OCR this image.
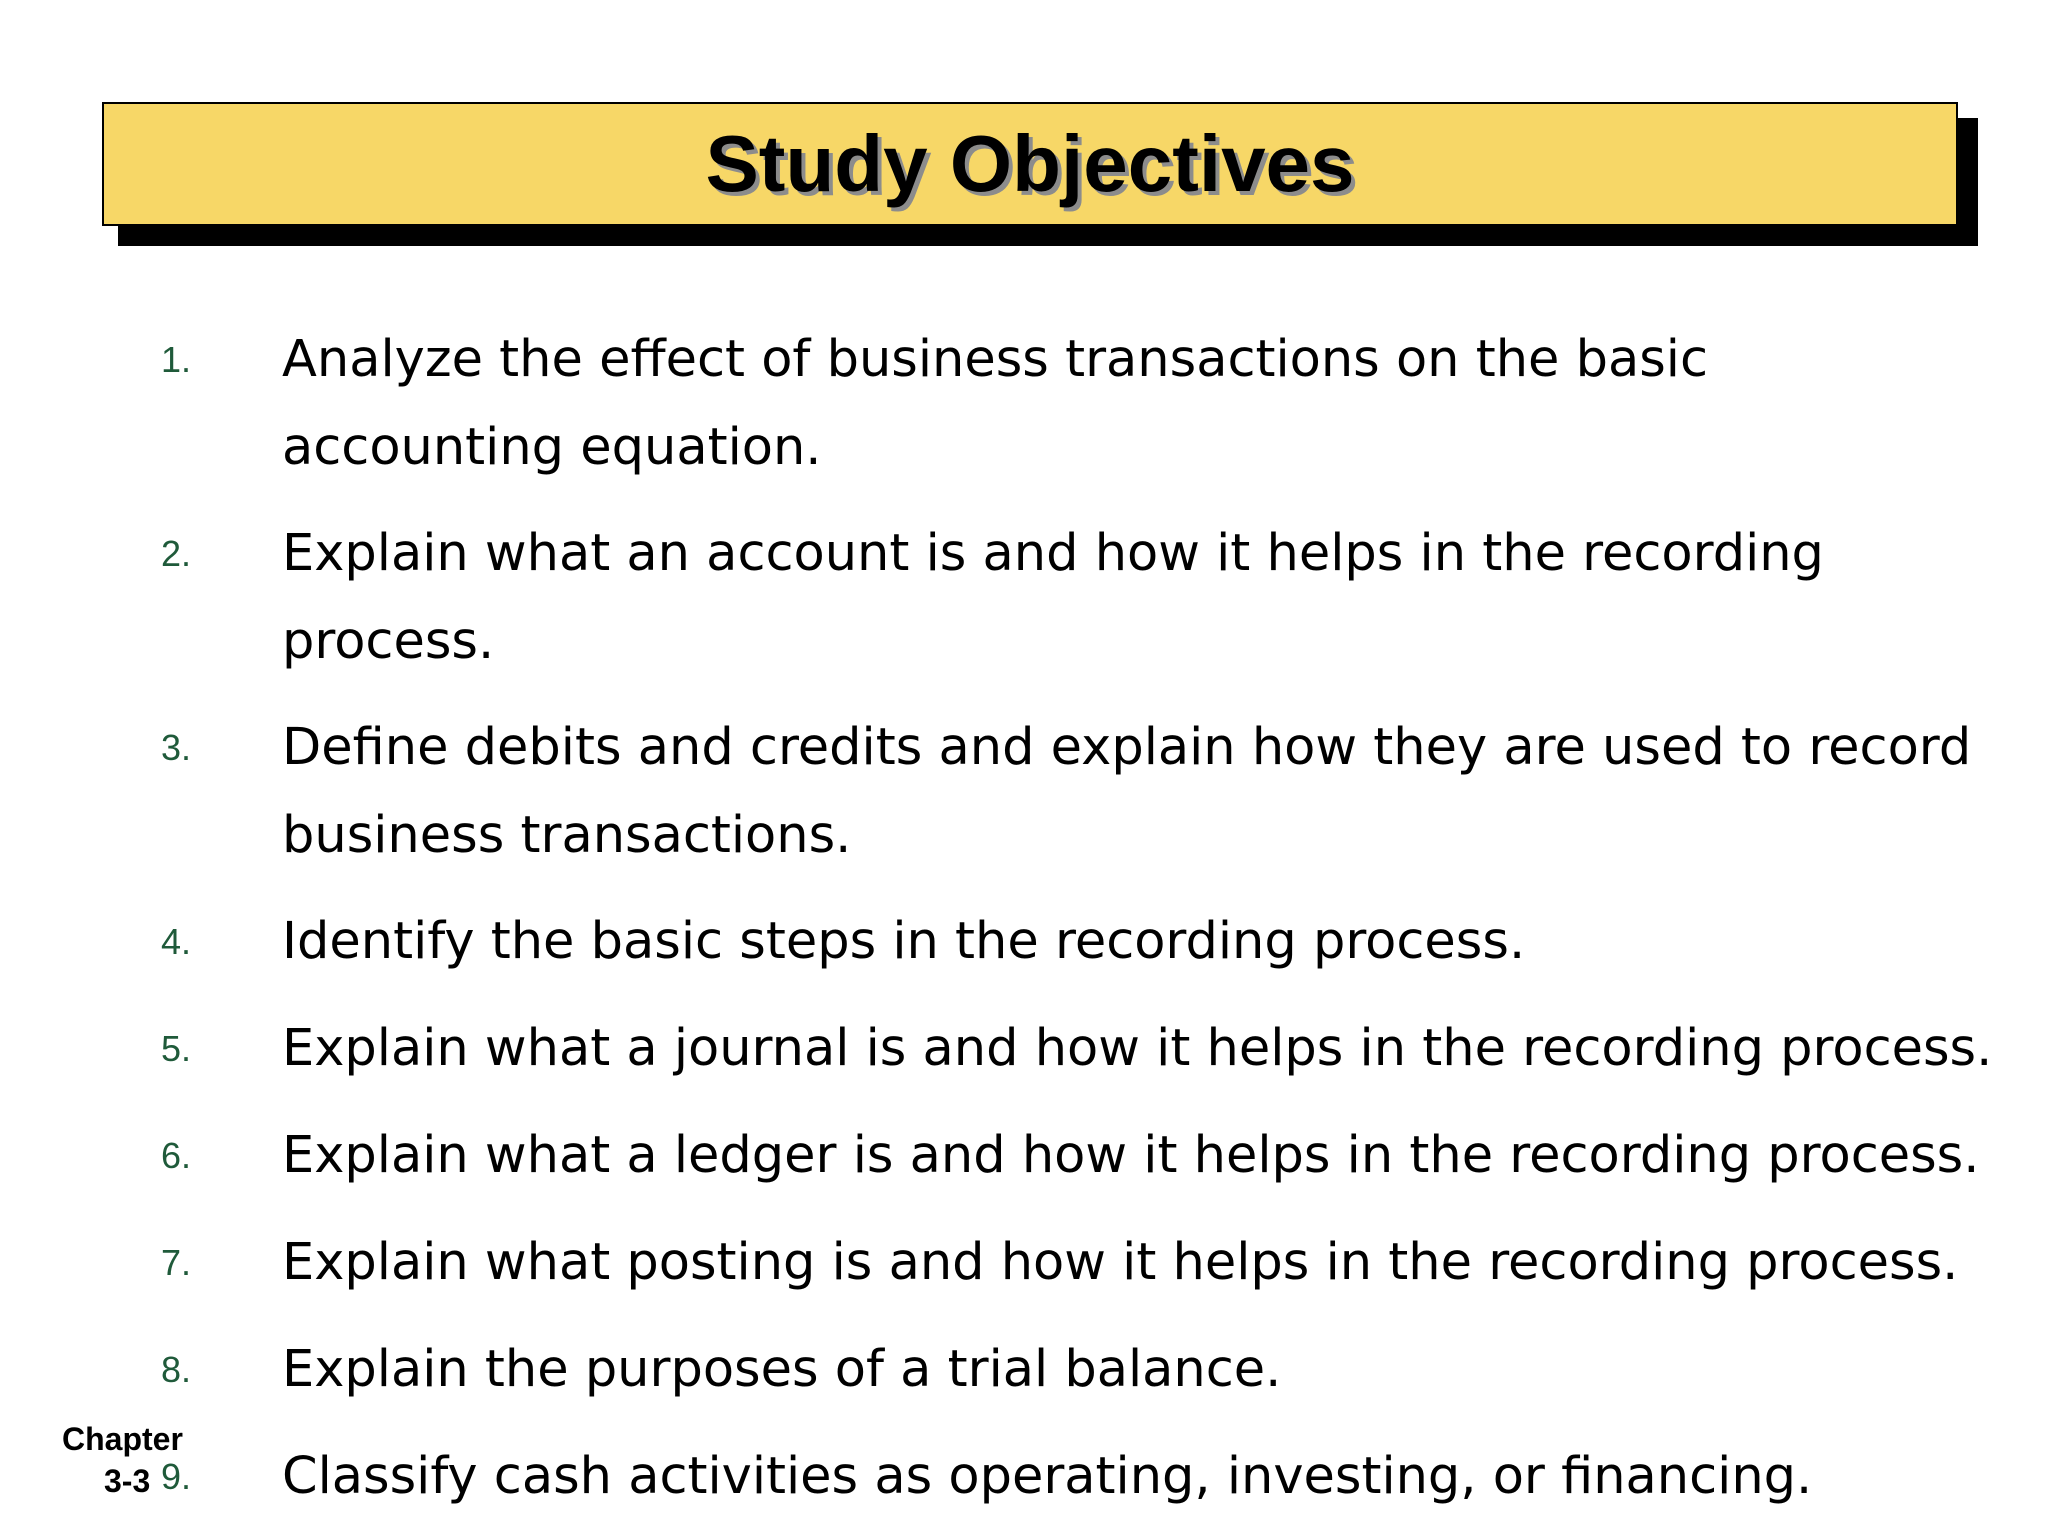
Study Objectives
1. Analyze the effect of business transactions on the basic
accounting equation.
2. Explain what an account is and how it helps in the recording
process.
3. Define debits and credits and explain how they are used to record
business transactions.
4. Identify the basic steps in the recording process.
5. Explain what a journal is and how it helps in the recording process.
6. Explain what a ledger is and how it helps in the recording process.
7. Explain what posting is and how it helps in the recording process.
8. Explain the purposes of a trial balance.
9. Classify cash activities as operating, investing, or financing.
Chapter
3-3
